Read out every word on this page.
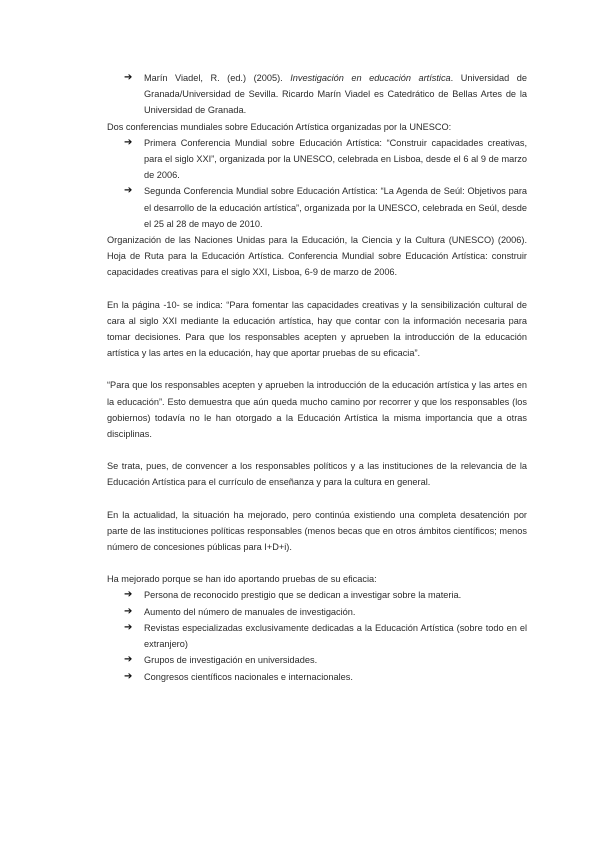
➔ Marín Viadel, R. (ed.) (2005). Investigación en educación artística. Universidad de Granada/Universidad de Sevilla. Ricardo Marín Viadel es Catedrático de Bellas Artes de la Universidad de Granada.

Dos conferencias mundiales sobre Educación Artística organizadas por la UNESCO:

➔ Primera Conferencia Mundial sobre Educación Artística: “Construir capacidades creativas, para el siglo XXI”, organizada por la UNESCO, celebrada en Lisboa, desde el 6 al 9 de marzo de 2006.
➔ Segunda Conferencia Mundial sobre Educación Artística: “La Agenda de Seúl: Objetivos para el desarrollo de la educación artística”, organizada por la UNESCO, celebrada en Seúl, desde el 25 al 28 de mayo de 2010.

Organización de las Naciones Unidas para la Educación, la Ciencia y la Cultura (UNESCO) (2006). Hoja de Ruta para la Educación Artística. Conferencia Mundial sobre Educación Artística: construir capacidades creativas para el siglo XXI, Lisboa, 6-9 de marzo de 2006.

En la página -10- se indica: “Para fomentar las capacidades creativas y la sensibilización cultural de cara al siglo XXI mediante la educación artística, hay que contar con la información necesaria para tomar decisiones. Para que los responsables acepten y aprueben la introducción de la educación artística y las artes en la educación, hay que aportar pruebas de su eficacia”.

“Para que los responsables acepten y aprueben la introducción de la educación artística y las artes en la educación”. Esto demuestra que aún queda mucho camino por recorrer y que los responsables (los gobiernos) todavía no le han otorgado a la Educación Artística la misma importancia que a otras disciplinas.

Se trata, pues, de convencer a los responsables políticos y a las instituciones de la relevancia de la Educación Artística para el currículo de enseñanza y para la cultura en general.

En la actualidad, la situación ha mejorado, pero continúa existiendo una completa desatención por parte de las instituciones políticas responsables (menos becas que en otros ámbitos científicos; menos número de concesiones públicas para I+D+i).

Ha mejorado porque se han ido aportando pruebas de su eficacia:

➔ Persona de reconocido prestigio que se dedican a investigar sobre la materia.
➔ Aumento del número de manuales de investigación.
➔ Revistas especializadas exclusivamente dedicadas a la Educación Artística (sobre todo en el extranjero)
➔ Grupos de investigación en universidades.
➔ Congresos científicos nacionales e internacionales.
